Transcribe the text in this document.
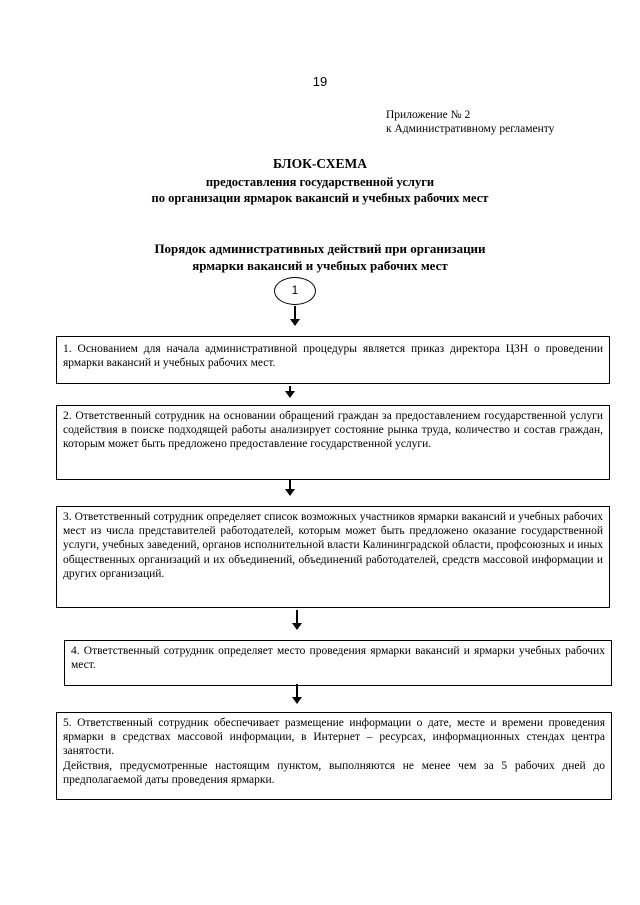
19
Приложение № 2
к Административному регламенту
БЛОК-СХЕМА
предоставления государственной услуги
по организации ярмарок вакансий и учебных рабочих мест
Порядок административных действий при организации
ярмарки вакансий и учебных рабочих мест
1
1. Основанием для начала административной процедуры является приказ директора ЦЗН о проведении ярмарки вакансий и учебных рабочих мест.
2. Ответственный сотрудник на основании обращений граждан за предоставлением государственной услуги содействия в поиске подходящей работы анализирует состояние рынка труда, количество и состав граждан, которым может быть предложено предоставление государственной услуги.
3. Ответственный сотрудник определяет список возможных участников ярмарки вакансий и учебных рабочих мест из числа представителей работодателей, которым может быть предложено оказание государственной услуги, учебных заведений, органов исполнительной власти Калининградской области, профсоюзных и иных общественных организаций и их объединений, объединений работодателей, средств массовой информации и других организаций.
4. Ответственный сотрудник определяет место проведения ярмарки вакансий и ярмарки учебных рабочих мест.
5. Ответственный сотрудник обеспечивает размещение информации о дате, месте и времени проведения ярмарки в средствах массовой информации, в Интернет – ресурсах, информационных стендах центра занятости.
Действия, предусмотренные настоящим пунктом, выполняются не менее чем за 5 рабочих дней до предполагаемой даты проведения ярмарки.
